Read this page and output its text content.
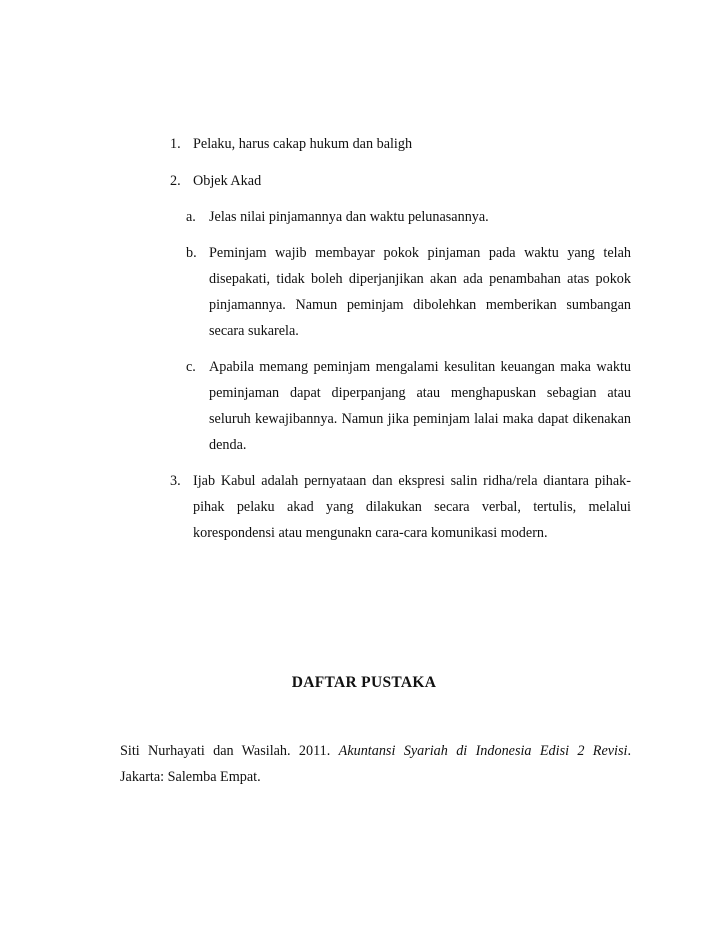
1. Pelaku, harus cakap hukum dan baligh
2. Objek Akad
a. Jelas nilai pinjamannya dan waktu pelunasannya.
b. Peminjam wajib membayar pokok pinjaman pada waktu yang telah
disepakati, tidak boleh diperjanjikan akan ada penambahan atas pokok
pinjamannya. Namun peminjam dibolehkan memberikan sumbangan
secara sukarela.
c. Apabila memang peminjam mengalami kesulitan keuangan maka waktu
peminjaman dapat diperpanjang atau menghapuskan sebagian atau
seluruh kewajibannya. Namun jika peminjam lalai maka dapat dikenakan
denda.
3. Ijab Kabul adalah pernyataan dan ekspresi salin ridha/rela diantara pihak-
pihak pelaku akad yang dilakukan secara verbal, tertulis, melalui
korespondensi atau mengunakn cara-cara komunikasi modern.
DAFTAR PUSTAKA
Siti Nurhayati dan Wasilah. 2011. Akuntansi Syariah di Indonesia Edisi 2 Revisi.
Jakarta: Salemba Empat.
